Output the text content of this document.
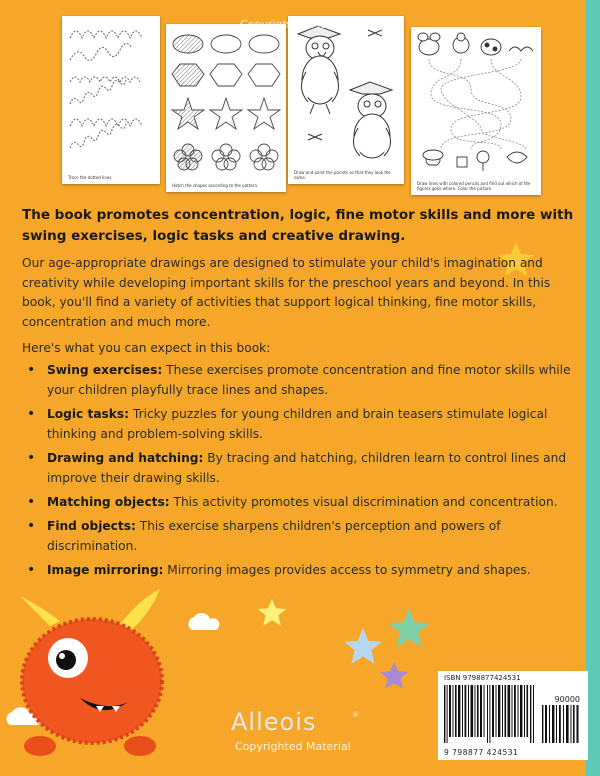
Trace the dotted lines.
Hatch the shapes according to the pattern.
Draw and paint the parrots so that they look the same.
Draw lines with colored pencils and find out which of the figures goes where. Color the picture.
Copyrighted Material
The book promotes concentration, logic, fine motor skills and more with swing exercises, logic tasks and creative drawing.
Our age-appropriate drawings are designed to stimulate your child's imagination and creativity while developing important skills for the preschool years and beyond. In this book, you'll find a variety of activities that support logical thinking, fine motor skills, concentration and much more.
Here's what you can expect in this book:
• Swing exercises: These exercises promote concentration and fine motor skills while your children playfully trace lines and shapes.
• Logic tasks: Tricky puzzles for young children and brain teasers stimulate logical thinking and problem-solving skills.
• Drawing and hatching: By tracing and hatching, children learn to control lines and improve their drawing skills.
• Matching objects: This activity promotes visual discrimination and concentration.
• Find objects: This exercise sharpens children's perception and powers of discrimination.
• Image mirroring: Mirroring images provides access to symmetry and shapes.
Alleois	®
Copyrighted Material
ISBN 9798877424531
90000
9 798877 424531
